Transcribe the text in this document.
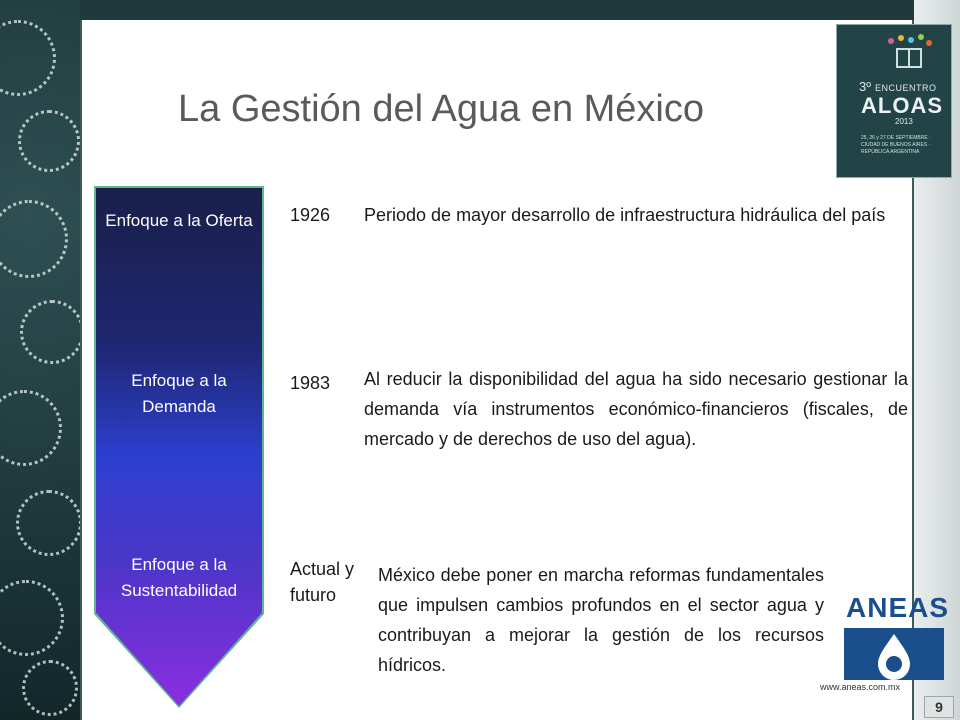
3º ENCUENTRO
ALOAS
2013
25, 26 y 27 DE SEPTIEMBRE · CIUDAD DE BUENOS AIRES · REPÚBLICA ARGENTINA
La Gestión del Agua en México
Enfoque a la Oferta
Enfoque a la Demanda
Enfoque a la Sustentabilidad
1926 Periodo de mayor desarrollo de infraestructura hidráulica del país
1983 Al reducir la disponibilidad del agua ha sido necesario gestionar la demanda vía instrumentos económico-financieros (fiscales, de mercado y de derechos de uso del agua).
Actual y futuro
México debe poner en marcha reformas fundamentales que impulsen cambios profundos en el sector agua y contribuyan a mejorar la gestión de los recursos hídricos.
ANEAS
www.aneas.com.mx
9
